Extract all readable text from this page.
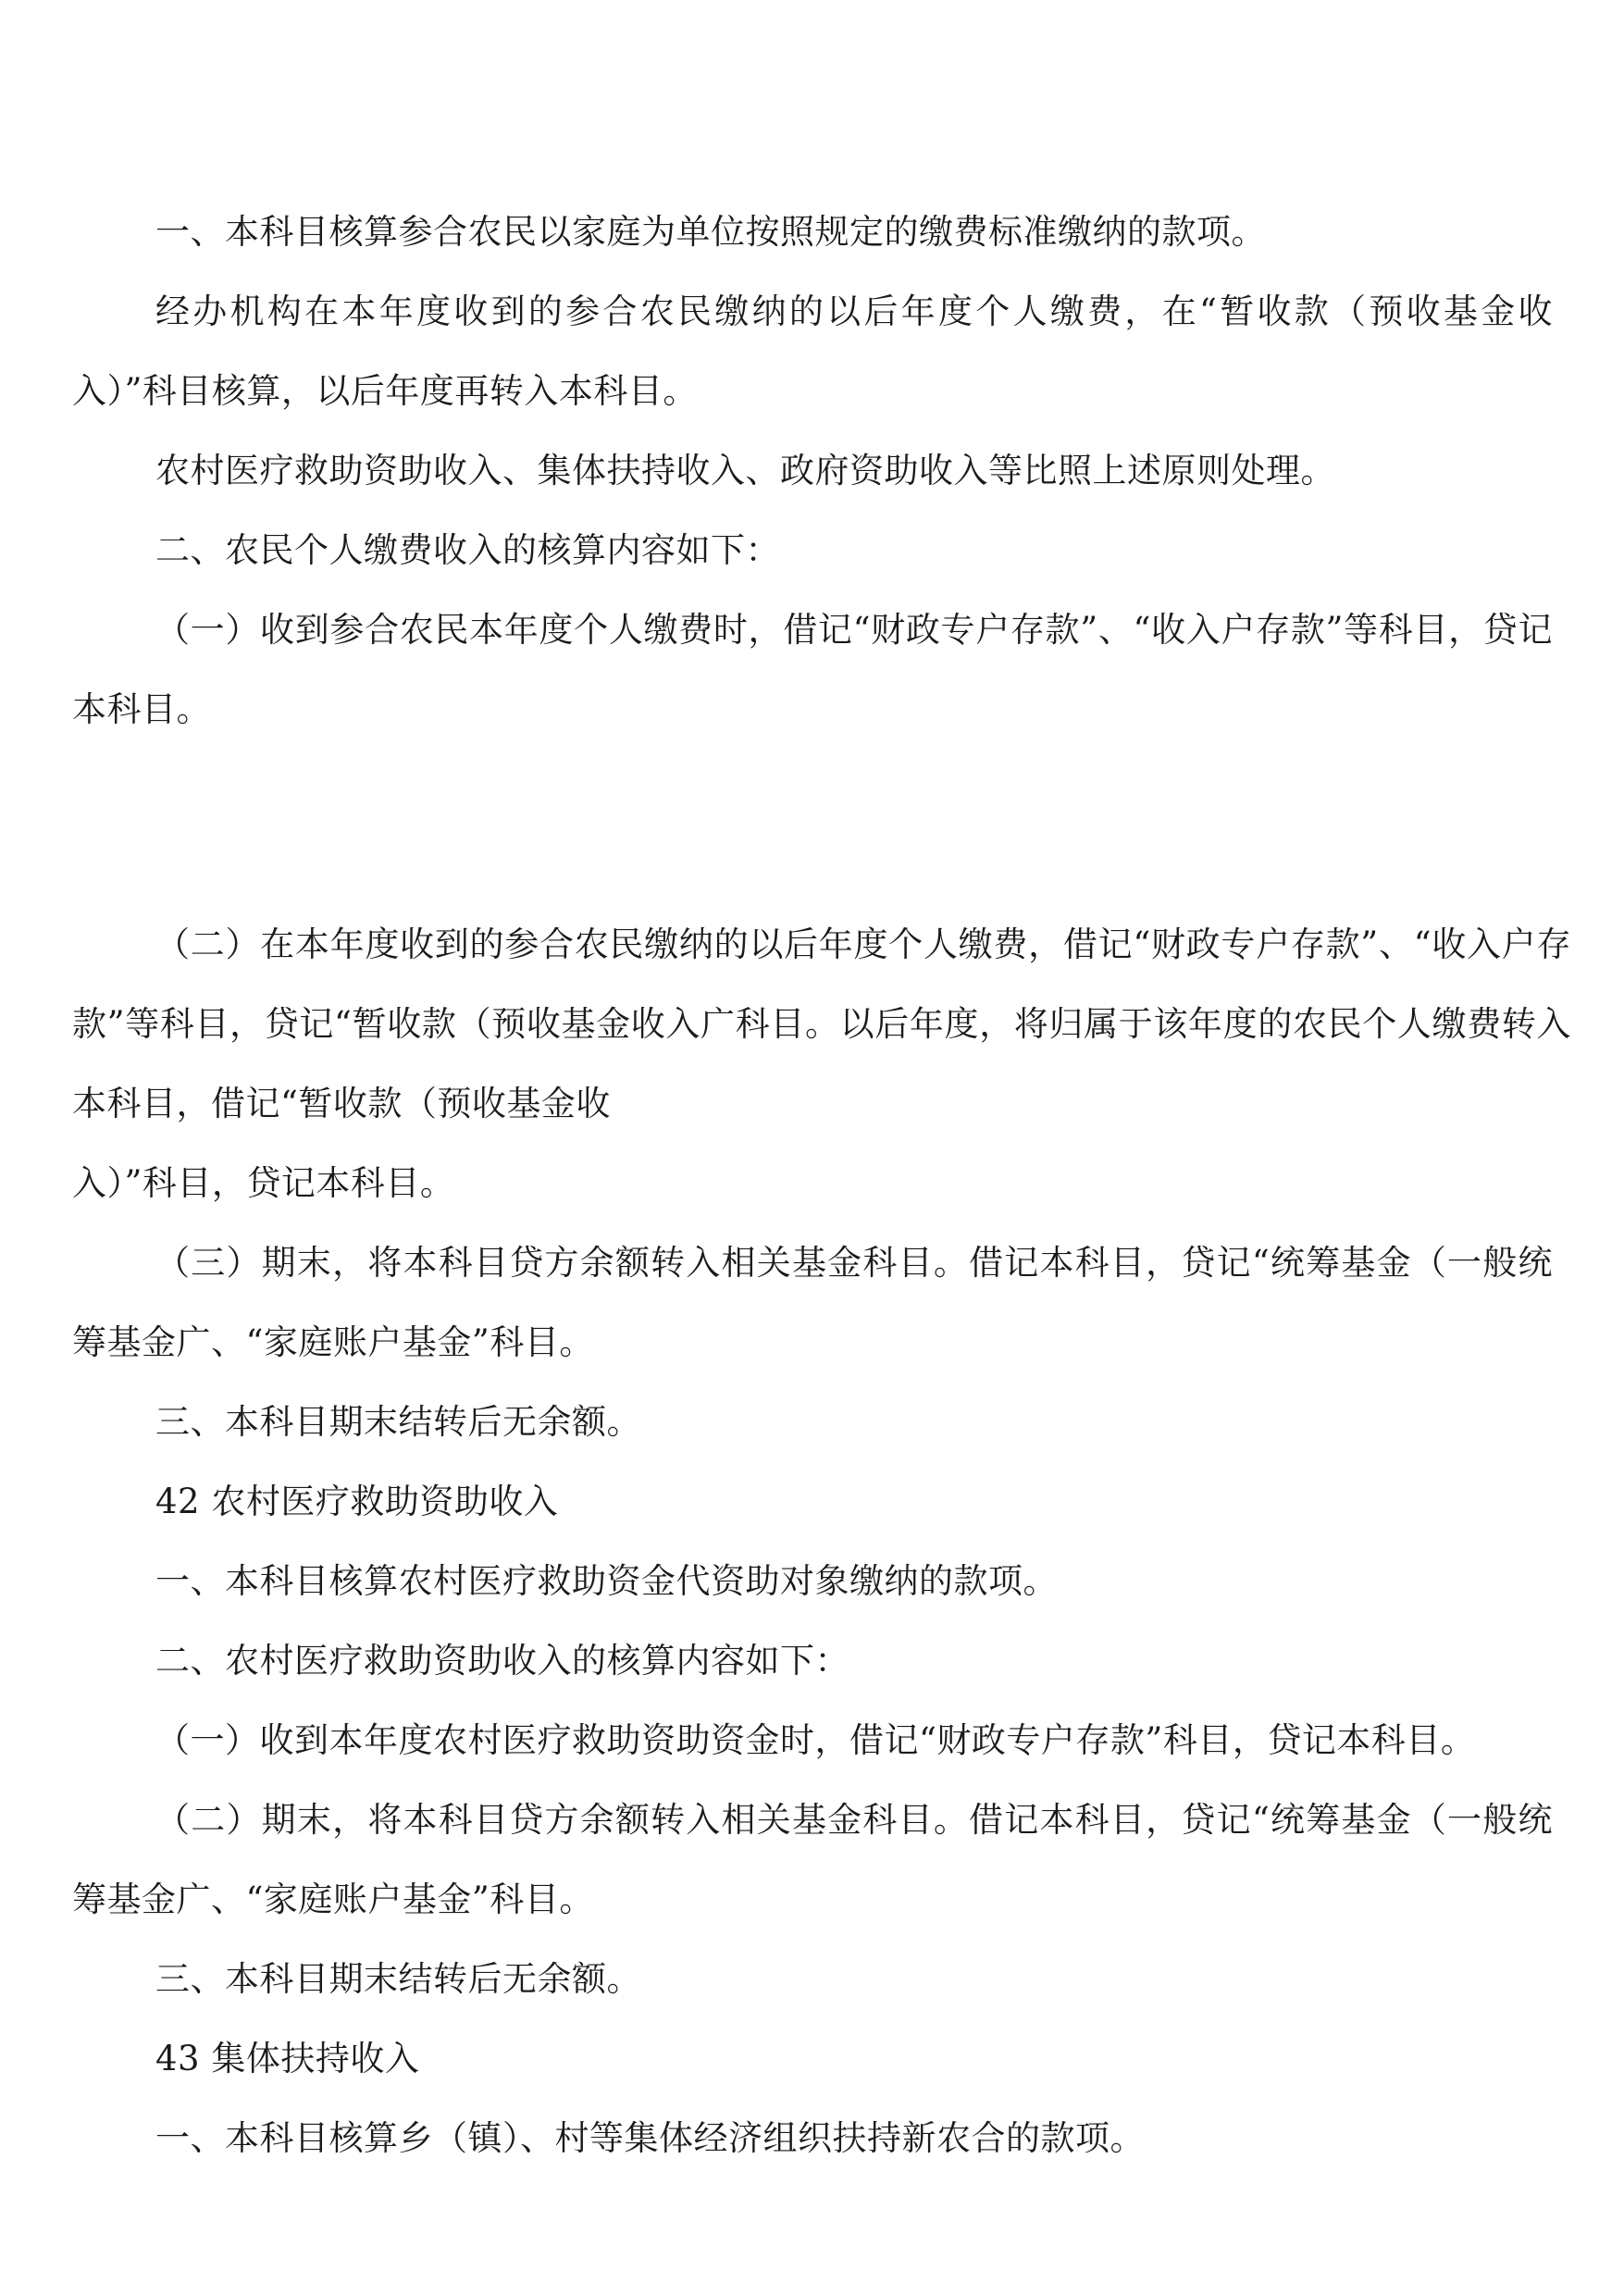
一、本科目核算参合农民以家庭为单位按照规定的缴费标准缴纳的款项。

经办机构在本年度收到的参合农民缴纳的以后年度个人缴费，在“暂收款（预收基金收入）”科目核算，以后年度再转入本科目。

农村医疗救助资助收入、集体扶持收入、政府资助收入等比照上述原则处理。

二、农民个人缴费收入的核算内容如下：

（一）收到参合农民本年度个人缴费时，借记“财政专户存款”、“收入户存款”等科目，贷记本科目。

（二）在本年度收到的参合农民缴纳的以后年度个人缴费，借记“财政专户存款”、“收入户存款”等科目，贷记“暂收款（预收基金收入广科目。以后年度，将归属于该年度的农民个人缴费转入本科目，借记“暂收款（预收基金收

入）”科目，贷记本科目。

（三）期末，将本科目贷方余额转入相关基金科目。借记本科目，贷记“统筹基金（一般统筹基金广、“家庭账户基金”科目。

三、本科目期末结转后无余额。

42 农村医疗救助资助收入

一、本科目核算农村医疗救助资金代资助对象缴纳的款项。

二、农村医疗救助资助收入的核算内容如下：

（一）收到本年度农村医疗救助资助资金时，借记“财政专户存款”科目，贷记本科目。

（二）期末，将本科目贷方余额转入相关基金科目。借记本科目，贷记“统筹基金（一般统筹基金广、“家庭账户基金”科目。

三、本科目期末结转后无余额。

43 集体扶持收入

一、本科目核算乡（镇）、村等集体经济组织扶持新农合的款项。
